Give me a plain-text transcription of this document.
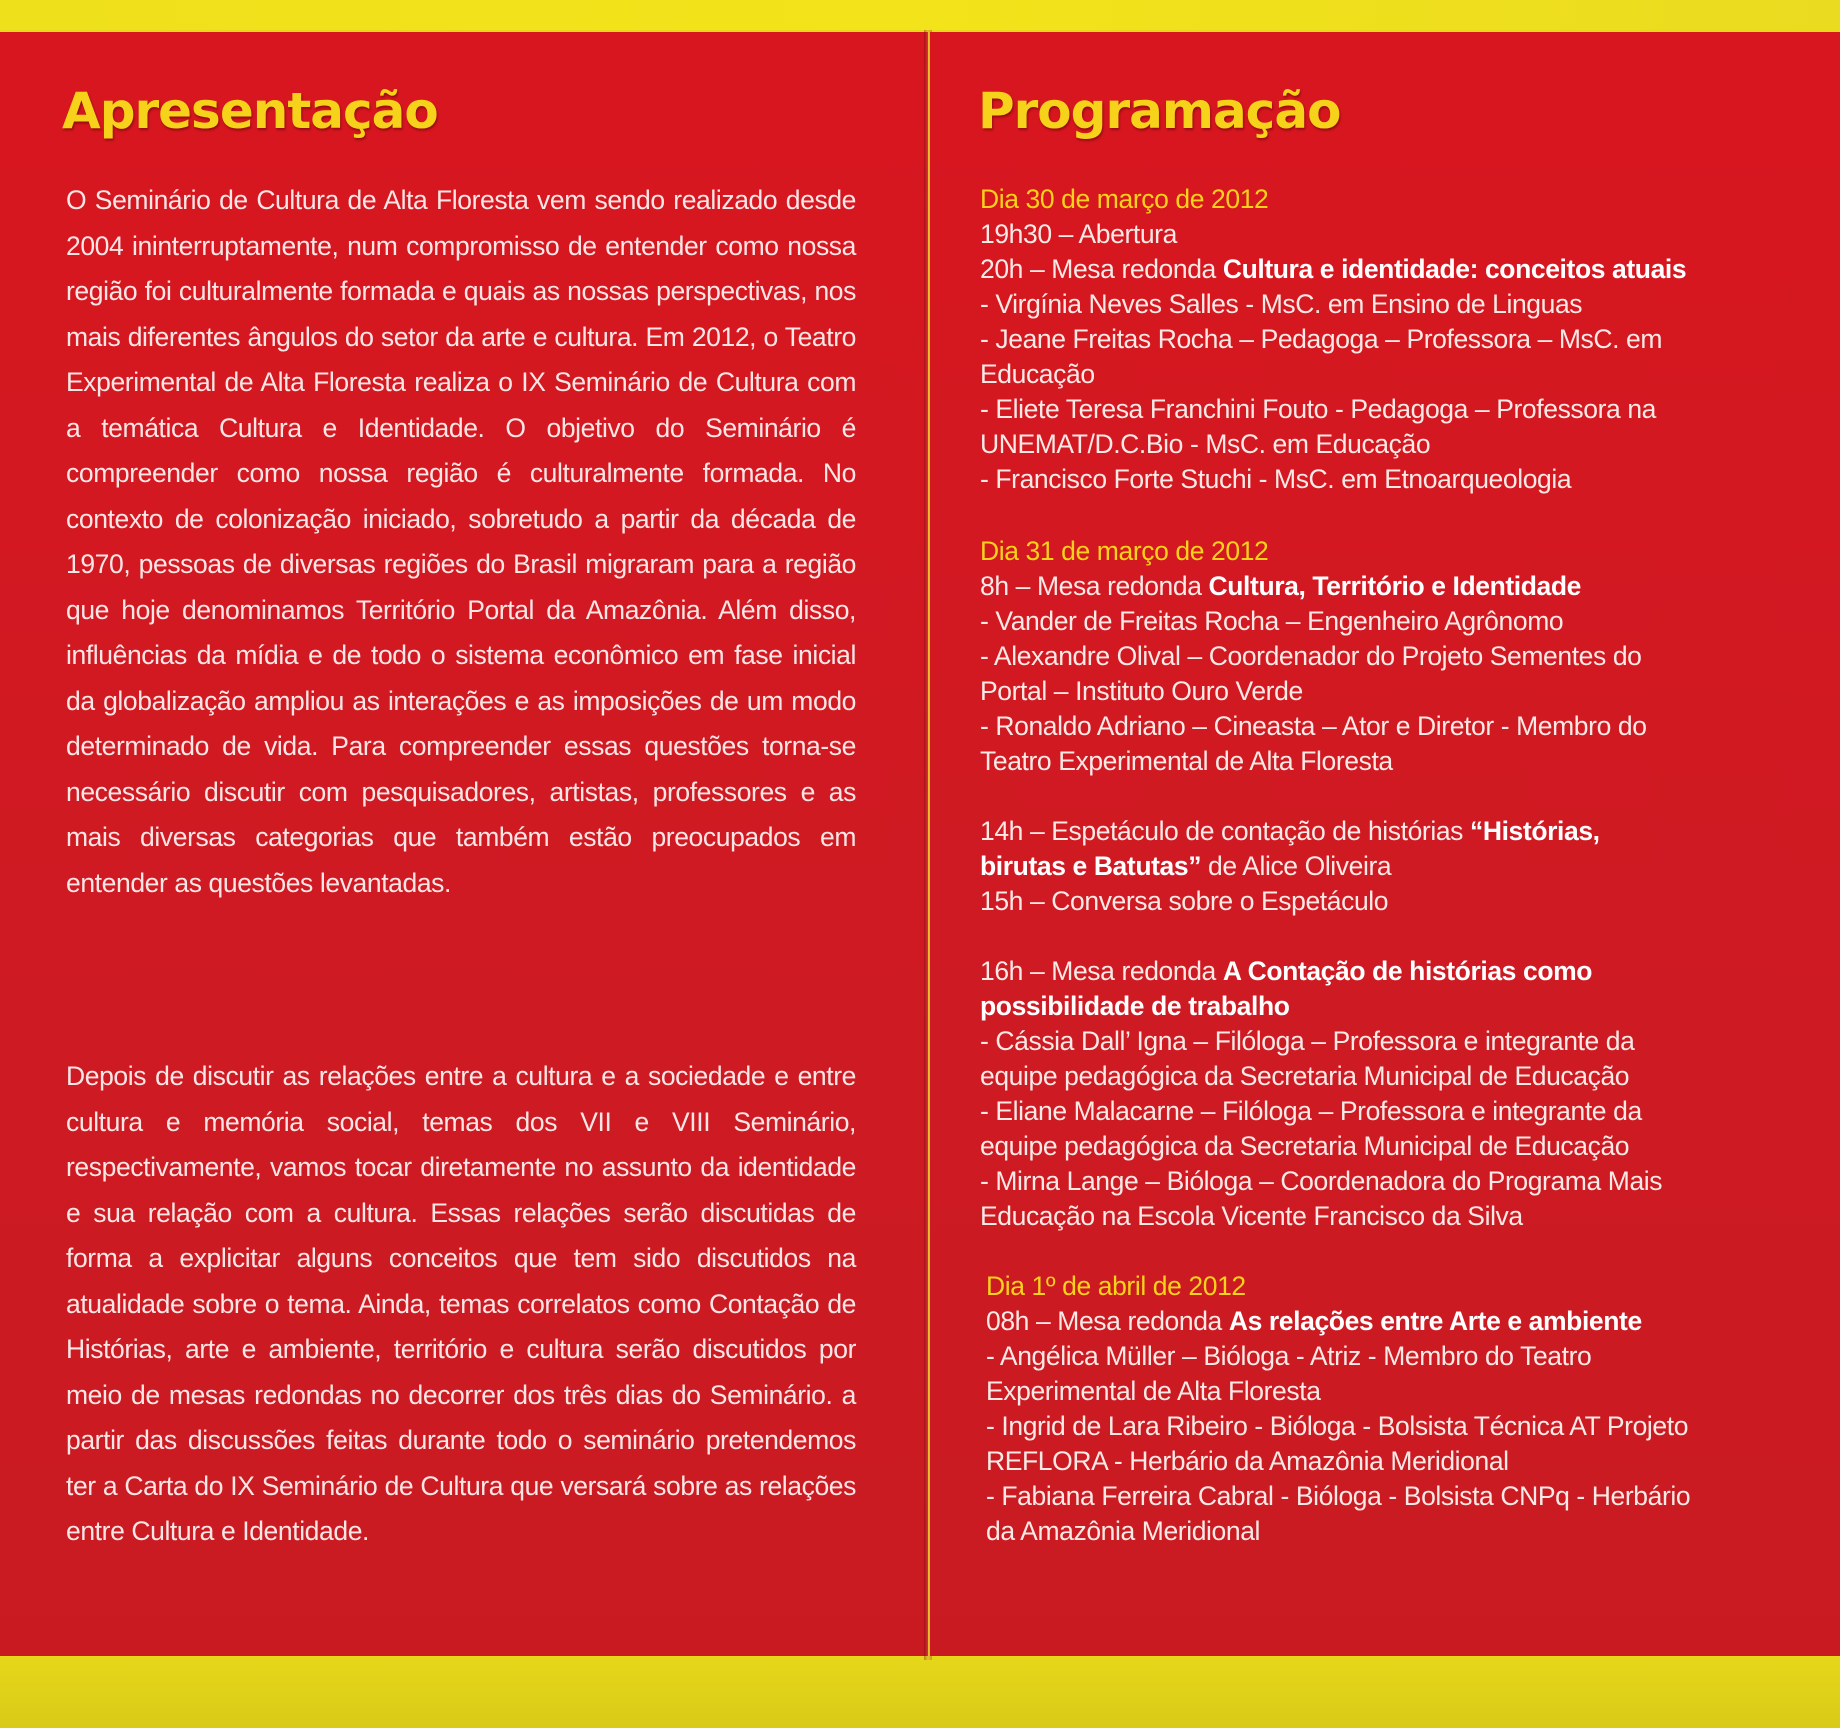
Apresentação

O Seminário de Cultura de Alta Floresta vem sendo realizado desde 2004 ininterruptamente, num compromisso de entender como nossa região foi culturalmente formada e quais as nossas perspectivas, nos mais diferentes ângulos do setor da arte e cultura. Em 2012, o Teatro Experimental de Alta Floresta realiza o IX Seminário de Cultura com a temática Cultura e Identidade. O objetivo do Seminário é compreender como nossa região é culturalmente formada. No contexto de colonização iniciado, sobretudo a partir da década de 1970, pessoas de diversas regiões do Brasil migraram para a região que hoje denominamos Território Portal da Amazônia. Além disso, influências da mídia e de todo o sistema econômico em fase inicial da globalização ampliou as interações e as imposições de um modo determinado de vida. Para compreender essas questões torna-se necessário discutir com pesquisadores, artistas, professores e as mais diversas categorias que também estão preocupados em entender as questões levantadas.

Depois de discutir as relações entre a cultura e a sociedade e entre cultura e memória social, temas dos VII e VIII Seminário, respectivamente, vamos tocar diretamente no assunto da identidade e sua relação com a cultura. Essas relações serão discutidas de forma a explicitar alguns conceitos que tem sido discutidos na atualidade sobre o tema. Ainda, temas correlatos como Contação de Histórias, arte e ambiente, território e cultura serão discutidos por meio de mesas redondas no decorrer dos três dias do Seminário. a partir das discussões feitas durante todo o seminário pretendemos ter a Carta do IX Seminário de Cultura que versará sobre as relações entre Cultura e Identidade.

Programação
Dia 30 de março de 2012
19h30 – Abertura
20h – Mesa redonda Cultura e identidade: conceitos atuais
- Virgínia Neves Salles - MsC. em Ensino de Linguas
- Jeane Freitas Rocha – Pedagoga – Professora – MsC. em
Educação
- Eliete Teresa Franchini Fouto - Pedagoga – Professora na
UNEMAT/D.C.Bio - MsC. em Educação
- Francisco Forte Stuchi - MsC. em Etnoarqueologia
Dia 31 de março de 2012
8h – Mesa redonda Cultura, Território e Identidade
- Vander de Freitas Rocha – Engenheiro Agrônomo
- Alexandre Olival – Coordenador do Projeto Sementes do
Portal – Instituto Ouro Verde
- Ronaldo Adriano – Cineasta – Ator e Diretor - Membro do
Teatro Experimental de Alta Floresta
14h – Espetáculo de contação de histórias “Histórias,
birutas e Batutas” de Alice Oliveira
15h – Conversa sobre o Espetáculo
16h – Mesa redonda A Contação de histórias como
possibilidade de trabalho
- Cássia Dall’ Igna – Filóloga – Professora e integrante da
equipe pedagógica da Secretaria Municipal de Educação
- Eliane Malacarne – Filóloga – Professora e integrante da
equipe pedagógica da Secretaria Municipal de Educação
- Mirna Lange – Bióloga – Coordenadora do Programa Mais
Educação na Escola Vicente Francisco da Silva
Dia 1º de abril de 2012
08h – Mesa redonda As relações entre Arte e ambiente
- Angélica Müller – Bióloga - Atriz - Membro do Teatro
Experimental de Alta Floresta
- Ingrid de Lara Ribeiro - Bióloga - Bolsista Técnica AT Projeto
REFLORA - Herbário da Amazônia Meridional
- Fabiana Ferreira Cabral - Bióloga - Bolsista CNPq - Herbário
da Amazônia Meridional
